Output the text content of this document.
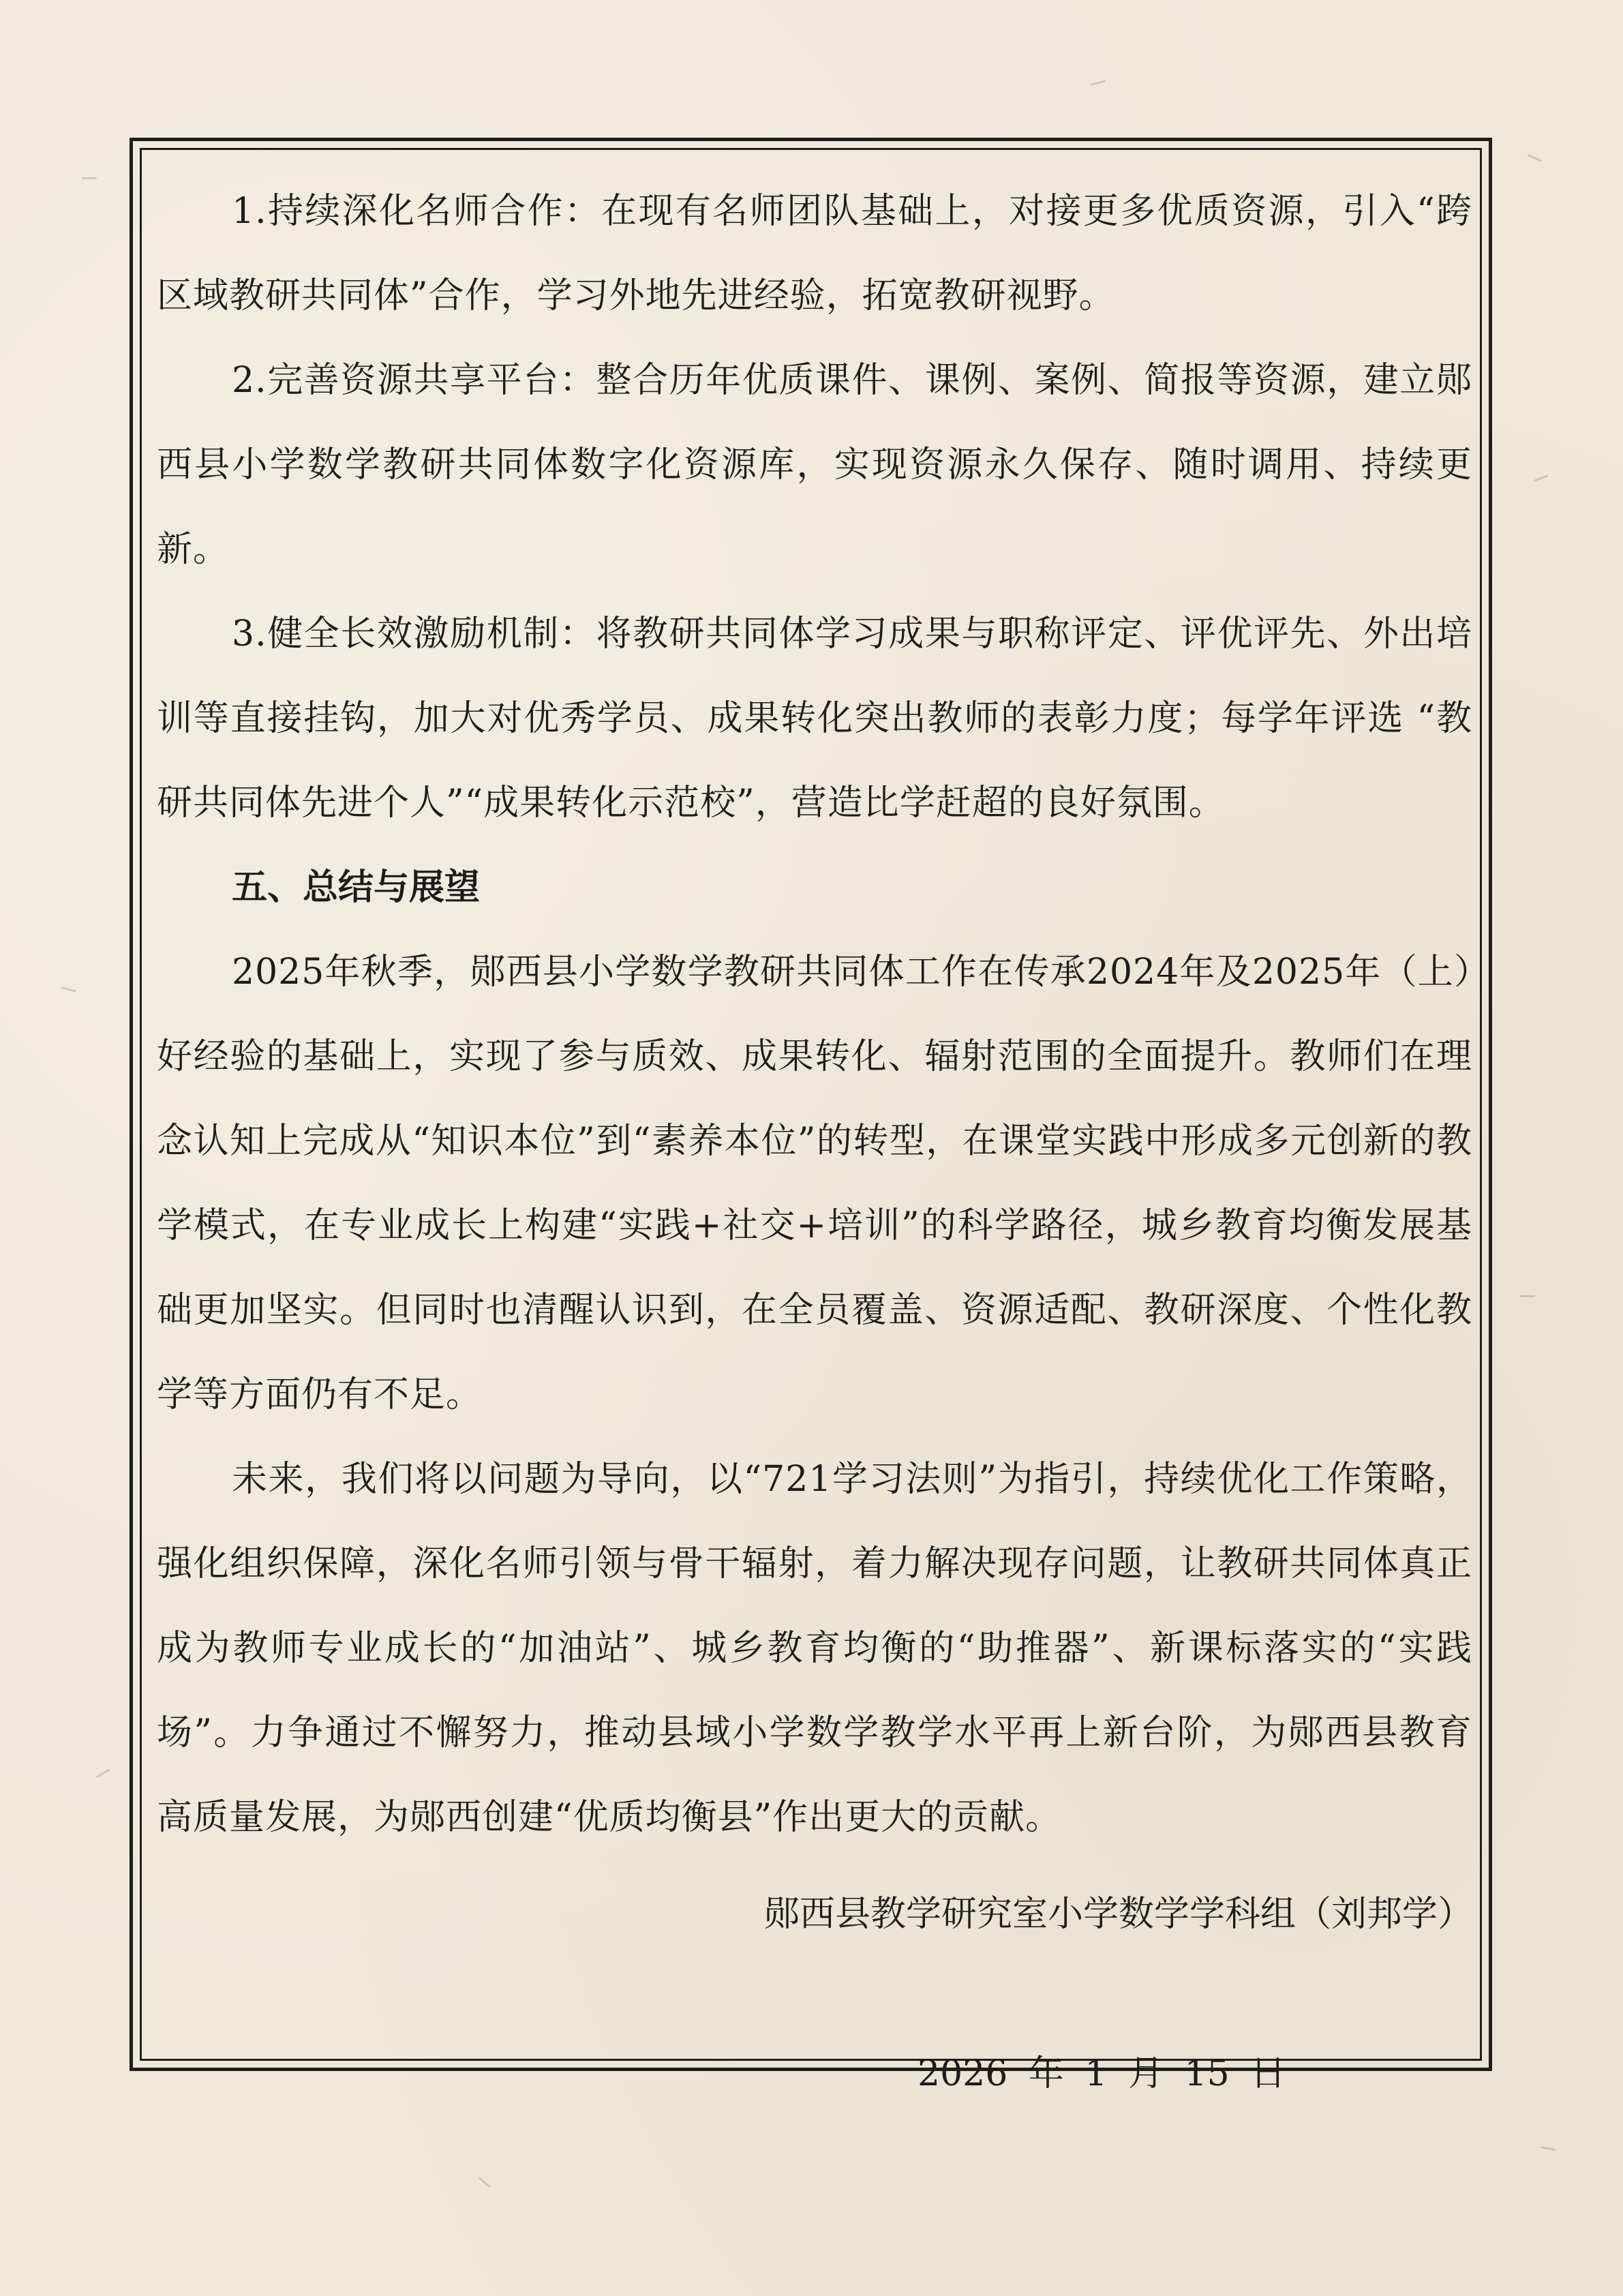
1.持续深化名师合作：在现有名师团队基础上，对接更多优质资源，引入“跨区域教研共同体”合作，学习外地先进经验，拓宽教研视野。

2.完善资源共享平台：整合历年优质课件、课例、案例、简报等资源，建立郧西县小学数学教研共同体数字化资源库，实现资源永久保存、随时调用、持续更新。

3.健全长效激励机制：将教研共同体学习成果与职称评定、评优评先、外出培训等直接挂钩，加大对优秀学员、成果转化突出教师的表彰力度；每学年评选 “教研共同体先进个人”“成果转化示范校”，营造比学赶超的良好氛围。

五、总结与展望

2025年秋季，郧西县小学数学教研共同体工作在传承2024年及2025年（上）好经验的基础上，实现了参与质效、成果转化、辐射范围的全面提升。教师们在理念认知上完成从“知识本位”到“素养本位”的转型，在课堂实践中形成多元创新的教学模式，在专业成长上构建“实践+社交+培训”的科学路径，城乡教育均衡发展基础更加坚实。但同时也清醒认识到，在全员覆盖、资源适配、教研深度、个性化教学等方面仍有不足。

未来，我们将以问题为导向，以“721学习法则”为指引，持续优化工作策略，强化组织保障，深化名师引领与骨干辐射，着力解决现存问题，让教研共同体真正成为教师专业成长的“加油站”、城乡教育均衡的“助推器”、新课标落实的“实践场”。力争通过不懈努力，推动县域小学数学教学水平再上新台阶，为郧西县教育高质量发展，为郧西创建“优质均衡县”作出更大的贡献。

郧西县教学研究室小学数学学科组（刘邦学）
2026 年 1 月 15 日
